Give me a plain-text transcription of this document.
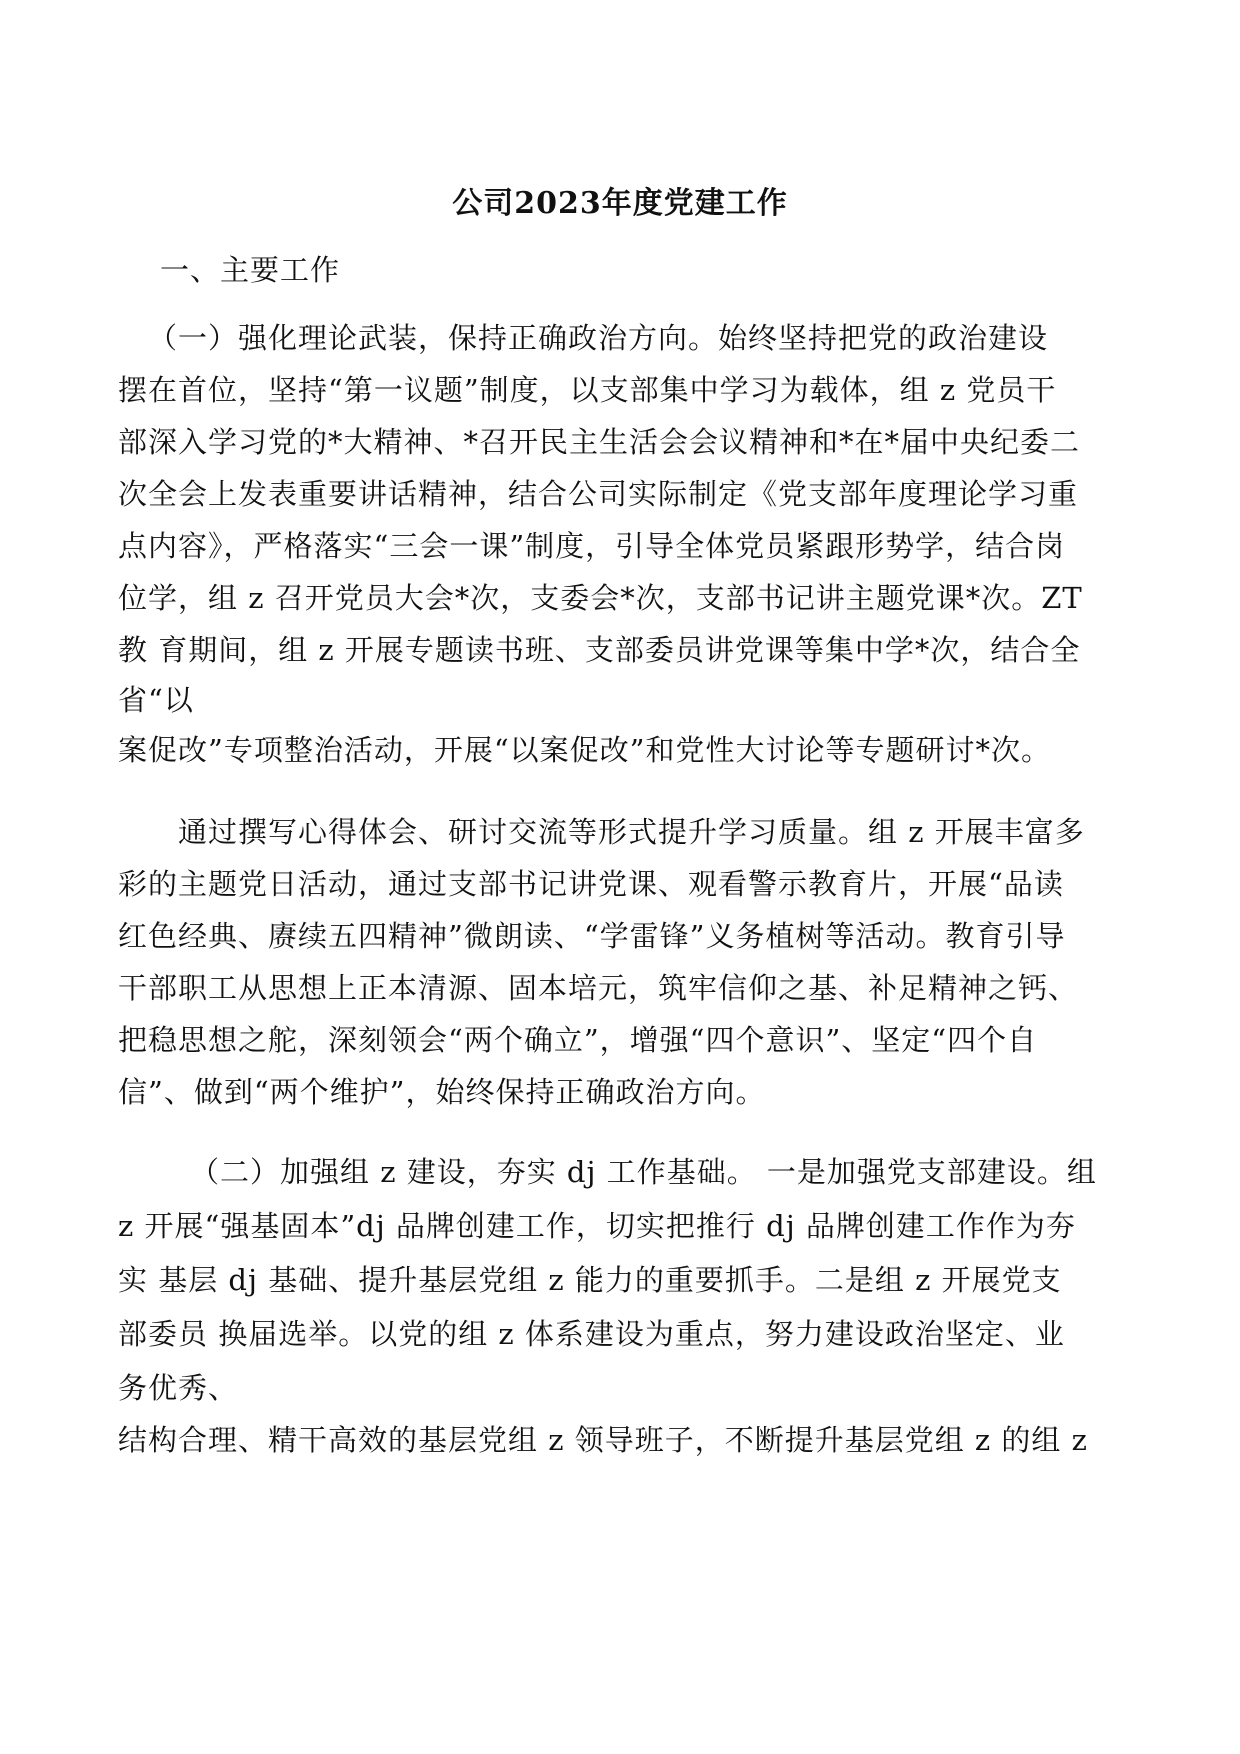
公司2023年度党建工作
一、主要工作
（一）强化理论武装，保持正确政治方向。始终坚持把党的政治建设
摆在首位，坚持“第一议题”制度，以支部集中学习为载体，组 z 党员干
部深入学习党的*大精神、*召开民主生活会会议精神和*在*届中央纪委二
次全会上发表重要讲话精神，结合公司实际制定《党支部年度理论学习重
点内容》，严格落实“三会一课”制度，引导全体党员紧跟形势学，结合岗
位学，组 z 召开党员大会*次，支委会*次，支部书记讲主题党课*次。ZT
教 育期间，组 z 开展专题读书班、支部委员讲党课等集中学*次，结合全
省“以
案促改”专项整治活动，开展“以案促改”和党性大讨论等专题研讨*次。
通过撰写心得体会、研讨交流等形式提升学习质量。组 z 开展丰富多
彩的主题党日活动，通过支部书记讲党课、观看警示教育片，开展“品读
红色经典、赓续五四精神”微朗读、“学雷锋”义务植树等活动。教育引导
干部职工从思想上正本清源、固本培元，筑牢信仰之基、补足精神之钙、
把稳思想之舵，深刻领会“两个确立”，增强“四个意识”、坚定“四个自
信”、做到“两个维护”，始终保持正确政治方向。
（二）加强组 z 建设，夯实 dj 工作基础。 一是加强党支部建设。组
z 开展“强基固本”dj 品牌创建工作，切实把推行 dj 品牌创建工作作为夯
实 基层 dj 基础、提升基层党组 z 能力的重要抓手。二是组 z 开展党支
部委员 换届选举。以党的组 z 体系建设为重点，努力建设政治坚定、业
务优秀、
结构合理、精干高效的基层党组 z 领导班子，不断提升基层党组 z 的组 z
